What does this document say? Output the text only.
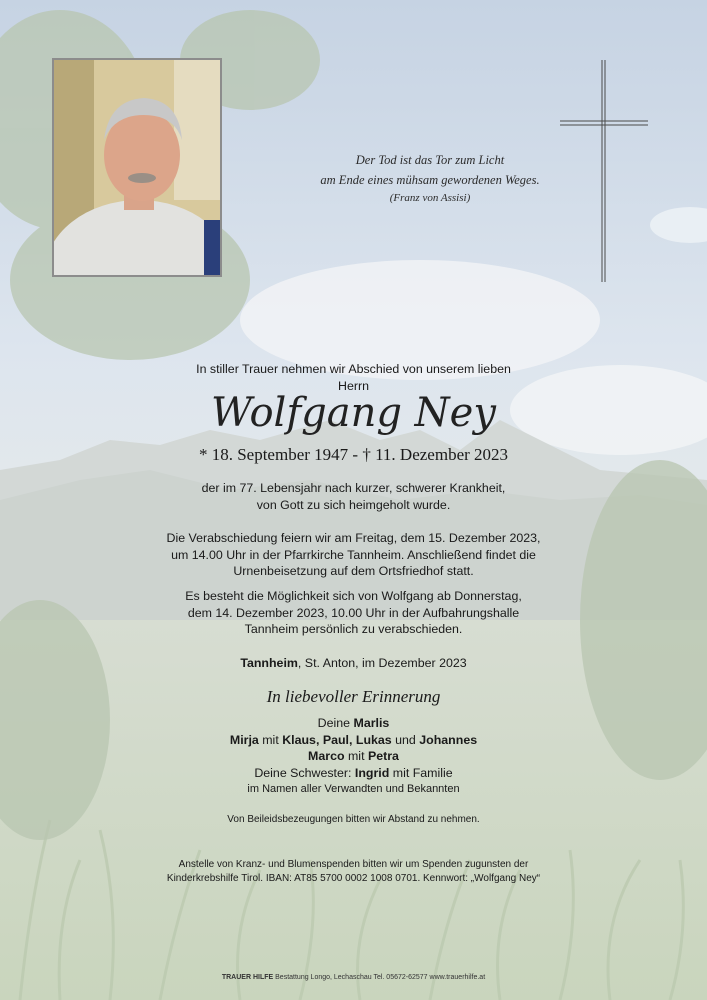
Der Tod ist das Tor zum Licht
am Ende eines mühsam gewordenen Weges.
(Franz von Assisi)
In stiller Trauer nehmen wir Abschied von unserem lieben
Herrn
Wolfgang Ney
* 18. September 1947 - † 11. Dezember 2023
der im 77. Lebensjahr nach kurzer, schwerer Krankheit,
von Gott zu sich heimgeholt wurde.
Die Verabschiedung feiern wir am Freitag, dem 15. Dezember 2023,
um 14.00 Uhr in der Pfarrkirche Tannheim. Anschließend findet die
Urnenbeisetzung auf dem Ortsfriedhof statt.
Es besteht die Möglichkeit sich von Wolfgang ab Donnerstag,
dem 14. Dezember 2023, 10.00 Uhr in der Aufbahrungshalle
Tannheim persönlich zu verabschieden.
Tannheim, St. Anton, im Dezember 2023
In liebevoller Erinnerung
Deine Marlis
Mirja mit Klaus, Paul, Lukas und Johannes
Marco mit Petra
Deine Schwester: Ingrid mit Familie
im Namen aller Verwandten und Bekannten
Von Beileidsbezeugungen bitten wir Abstand zu nehmen.
Anstelle von Kranz- und Blumenspenden bitten wir um Spenden zugunsten der
Kinderkrebshilfe Tirol. IBAN: AT85 5700 0002 1008 0701. Kennwort: „Wolfgang Ney“
TRAUER HILFE Bestattung Longo, Lechaschau Tel. 05672-62577 www.trauerhilfe.at
